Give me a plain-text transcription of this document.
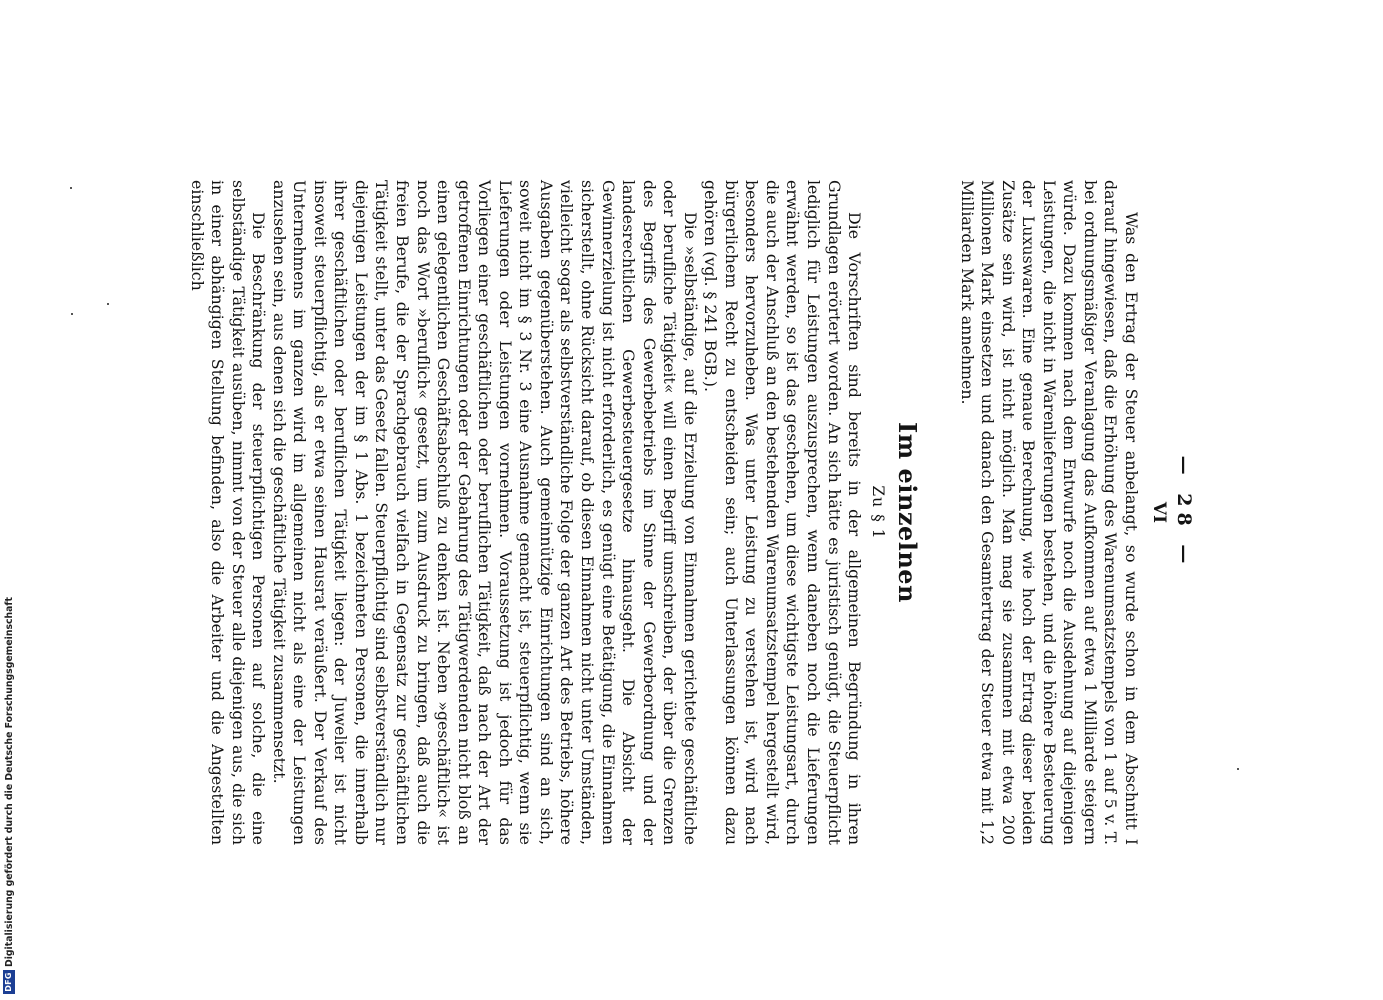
DFG
Digitalisierung gefördert durch die Deutsche Forschungsgemeinschaft
— 28 —
VI

Was den Ertrag der Steuer anbelangt, so wurde schon in dem Abschnitt I darauf hingewiesen, daß die Erhöhung des Warenumsatzstempels von 1 auf 5 v. T. bei ordnungsmäßiger Veranlagung das Aufkommen auf etwa 1 Milliarde steigern würde. Dazu kommen nach dem Entwurfe noch die Ausdehnung auf diejenigen Leistungen, die nicht in Warenlieferungen bestehen, und die höhere Besteuerung der Luxuswaren. Eine genaue Berechnung, wie hoch der Ertrag dieser beiden Zusätze sein wird, ist nicht möglich. Man mag sie zusammen mit etwa 200 Millionen Mark einsetzen und danach den Gesamtertrag der Steuer etwa mit 1,2 Milliarden Mark annehmen.

Im einzelnen

Zu § 1

Die Vorschriften sind bereits in der allgemeinen Begründung in ihren Grundlagen erörtert worden. An sich hätte es juristisch genügt, die Steuerpflicht lediglich für Leistungen auszusprechen, wenn daneben noch die Lieferungen erwähnt werden, so ist das geschehen, um diese wichtigste Leistungsart, durch die auch der Anschluß an den bestehenden Warenumsatzstempel hergestellt wird, besonders hervorzuheben. Was unter Leistung zu verstehen ist, wird nach bürgerlichem Recht zu entscheiden sein; auch Unterlassungen können dazu gehören (vgl. § 241 BGB.).

Die »selbständige, auf die Erzielung von Einnahmen gerichtete geschäftliche oder berufliche Tätigkeit« will einen Begriff umschreiben, der über die Grenzen des Begriffs des Gewerbebetriebs im Sinne der Gewerbeordnung und der landesrechtlichen Gewerbesteuergesetze hinausgeht. Die Absicht der Gewinnerzielung ist nicht erforderlich, es genügt eine Betätigung, die Einnahmen sicherstellt, ohne Rücksicht darauf, ob diesen Einnahmen nicht unter Umständen, vielleicht sogar als selbstverständliche Folge der ganzen Art des Betriebs, höhere Ausgaben gegenüberstehen. Auch gemeinnützige Einrichtungen sind an sich, soweit nicht im § 3 Nr. 3 eine Ausnahme gemacht ist, steuerpflichtig, wenn sie Lieferungen oder Leistungen vornehmen. Voraussetzung ist jedoch für das Vorliegen einer geschäftlichen oder beruflichen Tätigkeit, daß nach der Art der getroffenen Einrichtungen oder der Gebahrung des Tätigwerdenden nicht bloß an einen gelegentlichen Geschäftsabschluß zu denken ist. Neben »geschäftlich« ist noch das Wort »beruflich« gesetzt, um zum Ausdruck zu bringen, daß auch die freien Berufe, die der Sprachgebrauch vielfach in Gegensatz zur geschäftlichen Tätigkeit stellt, unter das Gesetz fallen. Steuerpflichtig sind selbstverständlich nur diejenigen Leistungen der im § 1 Abs. 1 bezeichneten Personen, die innerhalb ihrer geschäftlichen oder beruflichen Tätigkeit liegen: der Juwelier ist nicht insoweit steuerpflichtig, als er etwa seinen Hausrat veräußert. Der Verkauf des Unternehmens im ganzen wird im allgemeinen nicht als eine der Leistungen anzusehen sein, aus denen sich die geschäftliche Tätigkeit zusammensetzt.

Die Beschränkung der steuerpflichtigen Personen auf solche, die eine selbständige Tätigkeit ausüben, nimmt von der Steuer alle diejenigen aus, die sich in einer abhängigen Stellung befinden, also die Arbeiter und die Angestellten einschließlich
